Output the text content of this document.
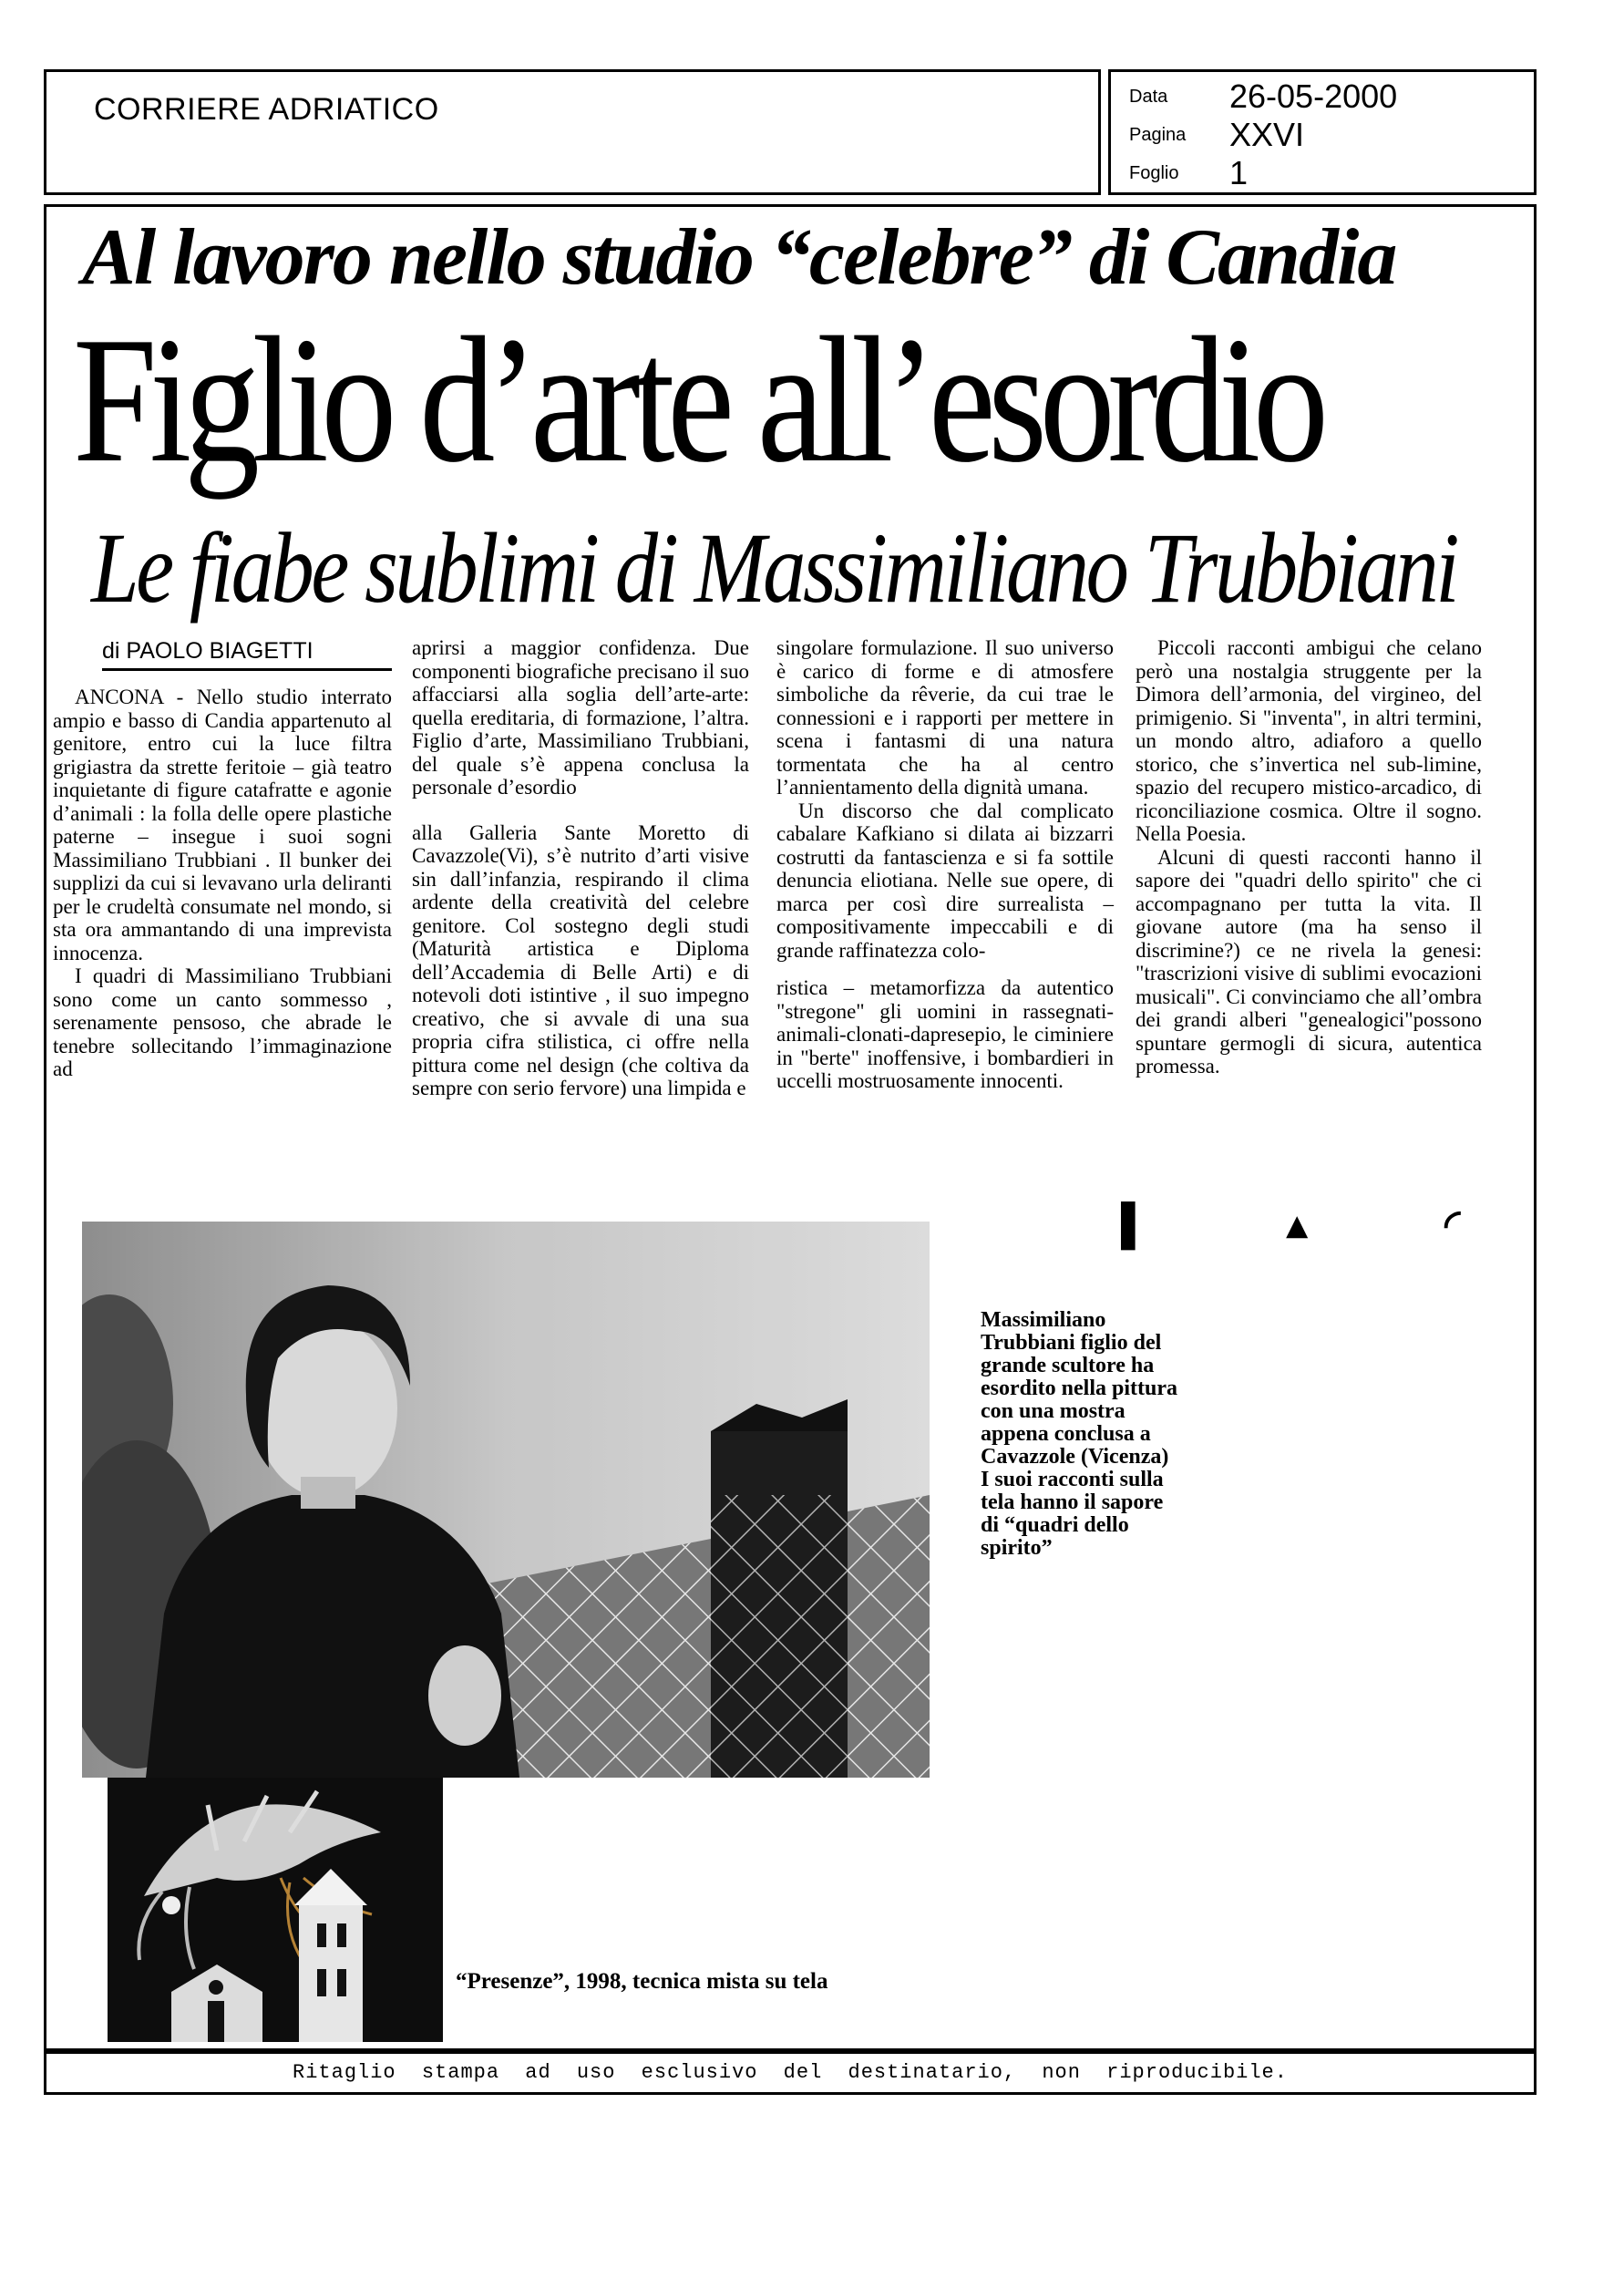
CORRIERE ADRIATICO	Data 26-05-2000
Pagina XXVI
Foglio 1
Al lavoro nello studio “celebre” di Candia
Figlio d’arte all’esordio
Le fiabe sublimi di Massimiliano Trubbiani
di PAOLO BIAGETTI

ANCONA - Nello studio interrato ampio e basso di Candia appartenuto al genitore, entro cui la luce filtra grigiastra da strette feritoie – già teatro inquietante di figure catafratte e agonie d’animali : la folla delle opere plastiche paterne – insegue i suoi sogni Massimiliano Trubbiani . Il bunker dei supplizi da cui si levavano urla deliranti per le crudeltà consumate nel mondo, si sta ora ammantando di una imprevista innocenza.

I quadri di Massimiliano Trubbiani sono come un canto sommesso , serenamente pensoso, che abrade le tenebre sollecitando l’immaginazione ad

aprirsi a maggior confidenza. Due componenti biografiche precisano il suo affacciarsi alla soglia dell’arte-arte: quella ereditaria, di formazione, l’altra. Figlio d’arte, Massimiliano Trubbiani, del quale s’è appena conclusa la personale d’esordio

alla Galleria Sante Moretto di Cavazzole(Vi), s’è nutrito d’arti visive sin dall’infanzia, respirando il clima ardente della creatività del celebre genitore. Col sostegno degli studi (Maturità artistica e Diploma dell’Accademia di Belle Arti) e di notevoli doti istintive , il suo impegno creativo, che si avvale di una sua propria cifra stilistica, ci offre nella pittura come nel design (che coltiva da sempre con serio fervore) una limpida e

singolare formulazione. Il suo universo è carico di forme e di atmosfere simboliche da rêverie, da cui trae le connessioni e i rapporti per mettere in scena i fantasmi di una natura tormentata che ha al centro l’annientamento della dignità umana.

Un discorso che dal complicato cabalare Kafkiano si dilata ai bizzarri costrutti da fantascienza e si fa sottile denuncia eliotiana. Nelle sue opere, di marca per così dire surrealista –compositivamente impeccabili e di grande raffinatezza colo-

ristica – metamorfizza da autentico "stregone" gli uomini in rassegnati-animali-clonati-dapresepio, le ciminiere in "berte" inoffensive, i bombardieri in uccelli mostruosamente innocenti.

Piccoli racconti ambigui che celano però una nostalgia struggente per la Dimora dell’armonia, del virgineo, del primigenio. Si "inventa", in altri termini, un mondo altro, adiaforo a quello storico, che s’invertica nel sub-limine, spazio del recupero mistico-arcadico, di riconciliazione cosmica. Oltre il sogno. Nella Poesia.

Alcuni di questi racconti hanno il sapore dei "quadri dello spirito" che ci accompagnano per tutta la vita. Il giovane autore (ma ha senso il discrimine?) ce ne rivela la genesi: "trascrizioni visive di sublimi evocazioni musicali". Ci convinciamo che all’ombra dei grandi alberi "genealogici"possono spuntare germogli di sicura, autentica promessa.

▌ ▴ ◜
Massimiliano Trubbiani figlio del grande scultore ha esordito nella pittura con una mostra appena conclusa a Cavazzole (Vicenza) I suoi racconti sulla tela hanno il sapore di “quadri dello spirito”
“Presenze”, 1998, tecnica mista su tela
Ritaglio stampa ad uso esclusivo del destinatario, non riproducibile.
